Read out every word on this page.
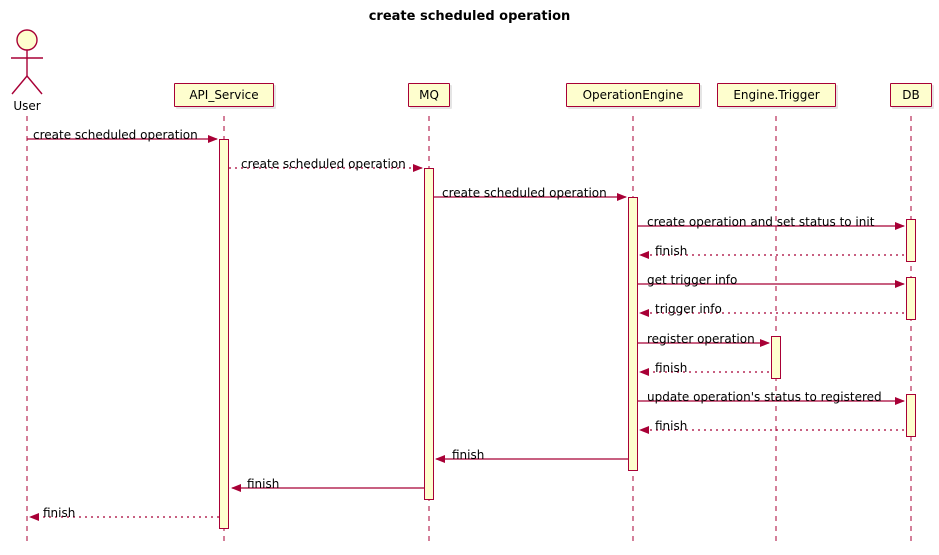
create scheduled operation
API_Service	MQ	OperationEngine	Engine.Trigger	DB
User
create scheduled operation
create scheduled operation
create scheduled operation
create operation and set status to init
finish
get trigger info
trigger info
register operation
finish
update operation's status to registered
finish
finish
finish
finish
